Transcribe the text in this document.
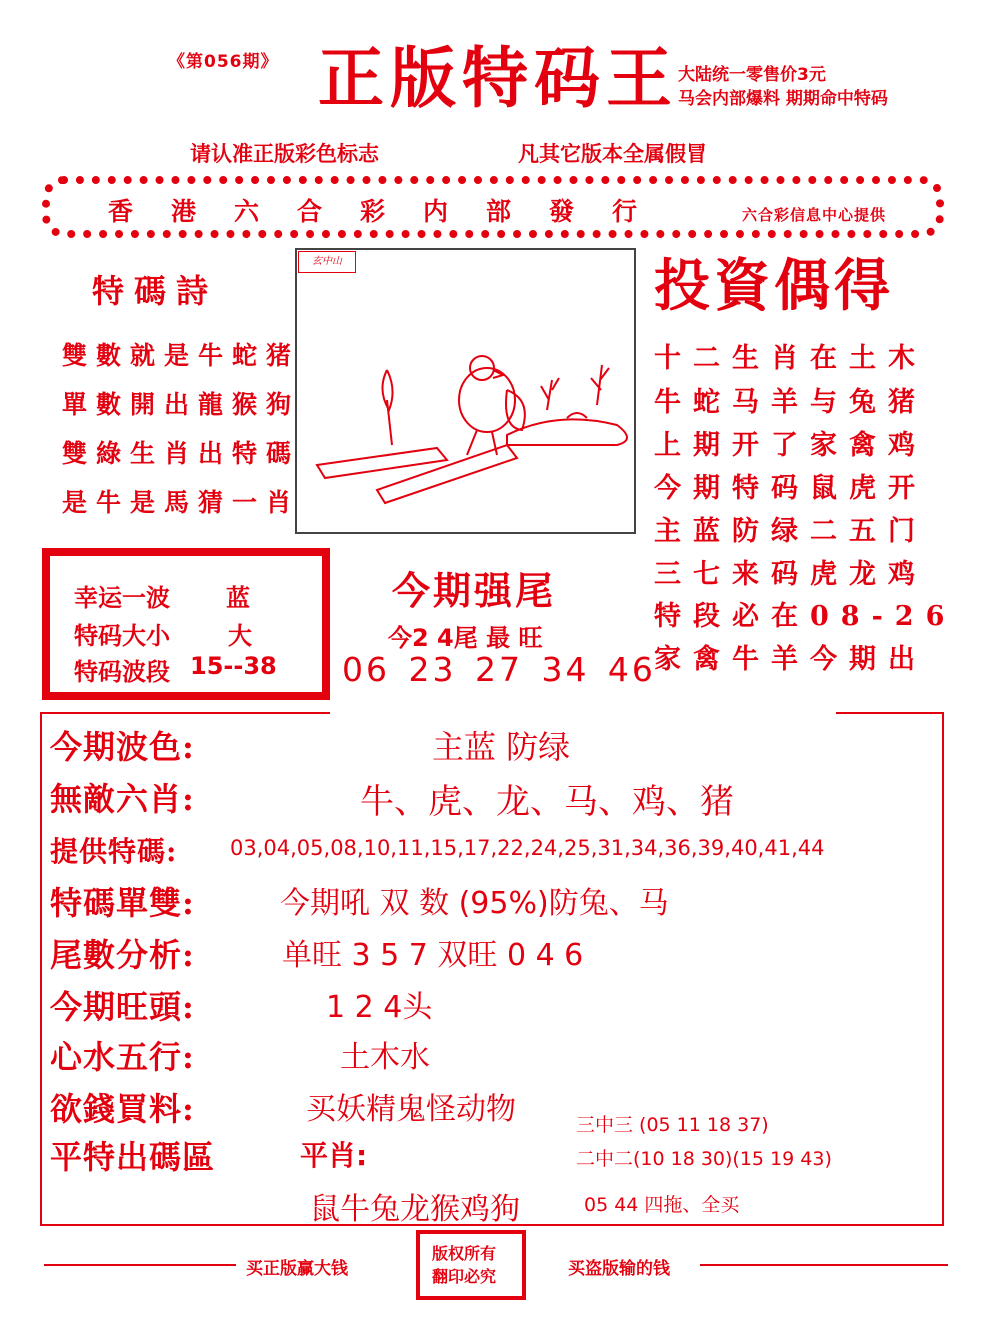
《第056期》 正版特码王 大陆统一零售价3元
马会内部爆料 期期命中特码
请认准正版彩色标志	凡其它版本全属假冒
香港六合彩内部發行	六合彩信息中心提供
特碼詩
雙數就是牛蛇猪
單數開出龍猴狗
雙綠生肖出特碼
是牛是馬猜一肖
玄中山	投資偶得
十二生肖在土木
牛蛇马羊与兔猪
上期开了家禽鸡
今期特码鼠虎开
主蓝防绿二五门
三七来码虎龙鸡
特段必在08-26
家禽牛羊今期出
幸运一波 蓝
特码大小 大
特码波段 15--38
今期强尾
今2 4尾 最 旺
06 23 27 34 46
今期波色:	主蓝 防绿
無敵六肖:	牛、虎、龙、马、鸡、猪
提供特碼:	03,04,05,08,10,11,15,17,22,24,25,31,34,36,39,40,41,44
特碼單雙:	今期吼 双 数 (95%)防兔、马
尾數分析:	单旺 3 5 7 双旺 0 4 6
今期旺頭:	1 2 4头
心水五行:	土木水
欲錢買料:	买妖精鬼怪动物	三中三 (05 11 18 37)
平特出碼區	平肖:	二中二(10 18 30)(15 19 43)
鼠牛兔龙猴鸡狗	05 44 四拖、全买
买正版赢大钱	买盗版输的钱
版权所有
翻印必究
